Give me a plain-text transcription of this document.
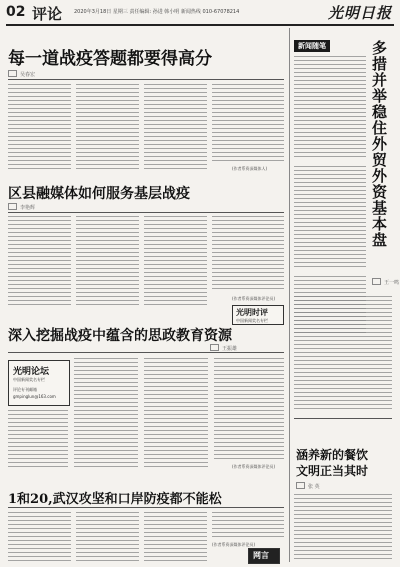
02 评论 2020年3月18日 星期三 责任编辑: 孙进 韩小明 新闻热线 010-67078214	光明日报
每一道战疫答题都要得高分
吴春宏
(作者系资深媒体人)
区县融媒体如何服务基层战疫
李艳辉
(作者系资深媒体评论员)
光明时评
中国新闻奖名专栏
深入挖掘战疫中蕴含的思政教育资源
王振雄
光明论坛
中国新闻奖名专栏
评论专刊邮箱
gmpinglun@163.com
(作者系资深媒体评论员)
1和20,武汉攻坚和口岸防疫都不能松
(作者系资深媒体评论员)
网言
新闻随笔	多措并举稳住外贸外资基本盘
王一鸣
涵养新的餐饮
文明正当其时
张 英
